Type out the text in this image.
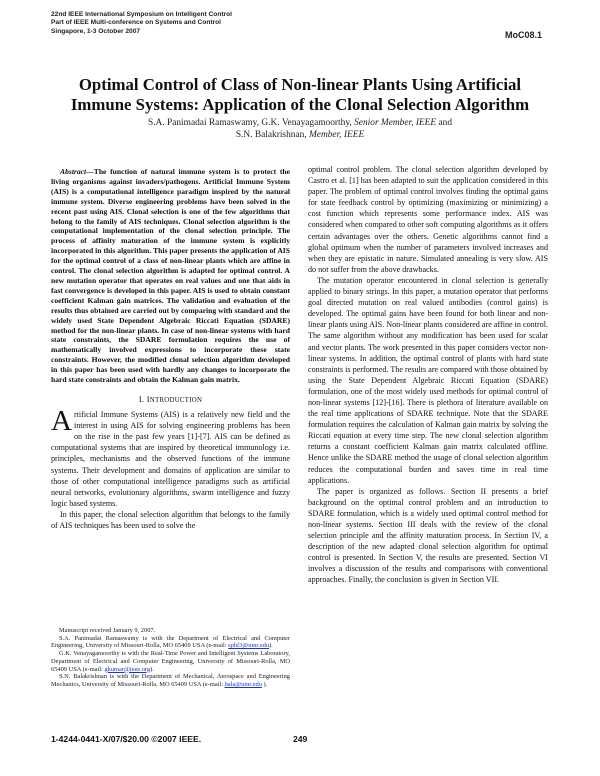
22nd IEEE International Symposium on Intelligent Control
Part of IEEE Multi-conference on Systems and Control
Singapore, 1-3 October 2007	MoC08.1
Optimal Control of Class of Non-linear Plants Using Artificial
Immune Systems: Application of the Clonal Selection Algorithm
S.A. Panimadai Ramaswamy, G.K. Venayagamoorthy, Senior Member, IEEE and
S.N. Balakrishnan, Member, IEEE

Abstract—The function of natural immune system is to protect the living organisms against invaders/pathogens. Artificial Immune System (AIS) is a computational intelligence paradigm inspired by the natural immune system. Diverse engineering problems have been solved in the recent past using AIS. Clonal selection is one of the few algorithms that belong to the family of AIS techniques. Clonal selection algorithm is the computational implementation of the clonal selection principle. The process of affinity maturation of the immune system is explicitly incorporated in this algorithm. This paper presents the application of AIS for the optimal control of a class of non-linear plants which are affine in control. The clonal selection algorithm is adapted for optimal control. A new mutation operator that operates on real values and one that aids in fast convergence is developed in this paper. AIS is used to obtain constant coefficient Kalman gain matrices. The validation and evaluation of the results thus obtained are carried out by comparing with standard and the widely used State Dependent Algebraic Riccati Equation (SDARE) method for the non-linear plants. In case of non-linear systems with hard state constraints, the SDARE formulation requires the use of mathematically involved expressions to incorporate these state constraints. However, the modified clonal selection algorithm developed in this paper has been used with hardly any changes to incorporate the hard state constraints and obtain the Kalman gain matrix.

I. INTRODUCTION

Artificial Immune Systems (AIS) is a relatively new field and the interest in using AIS for solving engineering problems has been on the rise in the past few years [1]-[7]. AIS can be defined as computational systems that are inspired by theoretical immunology i.e. principles, mechanisms and the observed functions of the immune systems. Their development and domains of application are similar to those of other computational intelligence paradigms such as artificial neural networks, evolutionary algorithms, swarm intelligence and fuzzy logic based systems.

In this paper, the clonal selection algorithm that belongs to the family of AIS techniques has been used to solve the

Manuscript received January 9, 2007.

S.A. Panimadai Ramaswamy is with the Department of Electrical and Computer Engineering, University of Missouri-Rolla, MO 65409 USA (e-mail: sphf3@umr.edu).

G.K. Venayagamoorthy is with the Real-Time Power and Intelligent Systems Laboratory, Department of Electrical and Computer Engineering, University of Missouri-Rolla, MO 65409 USA (e-mail: gkumar@ieee.org).

S.N. Balakrishnan is with the Department of Mechanical, Aerospace and Engineering Mechanics, University of Missouri-Rolla, MO 65409 USA (e-mail: bala@umr.edu ).

optimal control problem. The clonal selection algorithm developed by Castro et al. [1] has been adapted to suit the application considered in this paper. The problem of optimal control involves finding the optimal gains for state feedback control by optimizing (maximizing or minimizing) a cost function which represents some performance index. AIS was considered when compared to other soft computing algorithms as it offers certain advantages over the others. Genetic algorithms cannot find a global optimum when the number of parameters involved increases and when they are epistatic in nature. Simulated annealing is very slow. AIS do not suffer from the above drawbacks.

The mutation operator encountered in clonal selection is generally applied to binary strings. In this paper, a mutation operator that performs goal directed mutation on real valued antibodies (control gains) is developed. The optimal gains have been found for both linear and non-linear plants using AIS. Non-linear plants considered are affine in control. The same algorithm without any modification has been used for scalar and vector plants. The work presented in this paper considers vector non-linear systems. In addition, the optimal control of plants with hard state constraints is performed. The results are compared with those obtained by using the State Dependent Algebraic Riccati Equation (SDARE) formulation, one of the most widely used methods for optimal control of non-linear systems [12]-[16]. There is plethora of literature available on the real time applications of SDARE technique. Note that the SDARE formulation requires the calculation of Kalman gain matrix by solving the Riccati equation at every time step. The new clonal selection algorithm returns a constant coefficient Kalman gain matrix calculated offline. Hence unlike the SDARE method the usage of clonal selection algorithm reduces the computational burden and saves time in real time applications.

The paper is organized as follows. Section II presents a brief background on the optimal control problem and an introduction to SDARE formulation, which is a widely used optimal control method for non-linear systems. Section III deals with the review of the clonal selection principle and the affinity maturation process. In Section IV, a description of the new adapted clonal selection algorithm for optimal control is presented. In Section V, the results are presented. Section VI involves a discussion of the results and comparisons with conventional approaches. Finally, the conclusion is given in Section VII.

1-4244-0441-X/07/$20.00 ©2007 IEEE.	249
